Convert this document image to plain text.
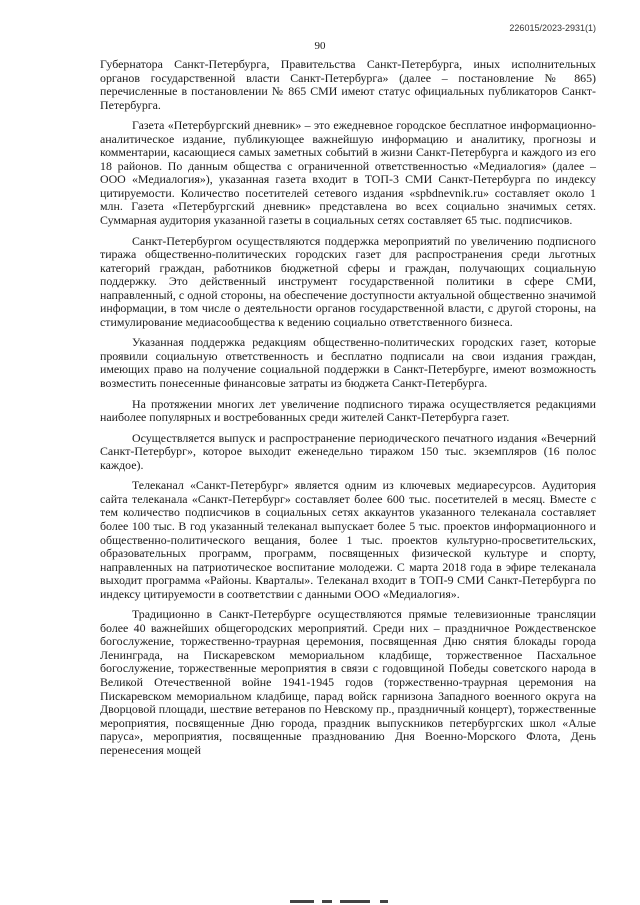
226015/2023-2931(1)
90

Губернатора Санкт-Петербурга, Правительства Санкт-Петербурга, иных исполнительных органов государственной власти Санкт-Петербурга» (далее – постановление № 865) перечисленные в постановлении № 865 СМИ имеют статус официальных публикаторов Санкт-Петербурга.

Газета «Петербургский дневник» – это ежедневное городское бесплатное информационно-аналитическое издание, публикующее важнейшую информацию и аналитику, прогнозы и комментарии, касающиеся самых заметных событий в жизни Санкт-Петербурга и каждого из его 18 районов. По данным общества с ограниченной ответственностью «Медиалогия» (далее – ООО «Медиалогия»), указанная газета входит в ТОП-3 СМИ Санкт-Петербурга по индексу цитируемости. Количество посетителей сетевого издания «spbdnevnik.ru» составляет около 1 млн. Газета «Петербургский дневник» представлена во всех социально значимых сетях. Суммарная аудитория указанной газеты в социальных сетях составляет 65 тыс. подписчиков.

Санкт-Петербургом осуществляются поддержка мероприятий по увеличению подписного тиража общественно-политических городских газет для распространения среди льготных категорий граждан, работников бюджетной сферы и граждан, получающих социальную поддержку. Это действенный инструмент государственной политики в сфере СМИ, направленный, с одной стороны, на обеспечение доступности актуальной общественно значимой информации, в том числе о деятельности органов государственной власти, с другой стороны, на стимулирование медиасообщества к ведению социально ответственного бизнеса.

Указанная поддержка редакциям общественно-политических городских газет, которые проявили социальную ответственность и бесплатно подписали на свои издания граждан, имеющих право на получение социальной поддержки в Санкт-Петербурге, имеют возможность возместить понесенные финансовые затраты из бюджета Санкт-Петербурга.

На протяжении многих лет увеличение подписного тиража осуществляется редакциями наиболее популярных и востребованных среди жителей Санкт-Петербурга газет.

Осуществляется выпуск и распространение периодического печатного издания «Вечерний Санкт-Петербург», которое выходит еженедельно тиражом 150 тыс. экземпляров (16 полос каждое).

Телеканал «Санкт-Петербург» является одним из ключевых медиаресурсов. Аудитория сайта телеканала «Санкт-Петербург» составляет более 600 тыс. посетителей в месяц. Вместе с тем количество подписчиков в социальных сетях аккаунтов указанного телеканала составляет более 100 тыс. В год указанный телеканал выпускает более 5 тыс. проектов информационного и общественно-политического вещания, более 1 тыс. проектов культурно-просветительских, образовательных программ, программ, посвященных физической культуре и спорту, направленных на патриотическое воспитание молодежи. С марта 2018 года в эфире телеканала выходит программа «Районы. Кварталы». Телеканал входит в ТОП-9 СМИ Санкт-Петербурга по индексу цитируемости в соответствии с данными ООО «Медиалогия».

Традиционно в Санкт-Петербурге осуществляются прямые телевизионные трансляции более 40 важнейших общегородских мероприятий. Среди них – праздничное Рождественское богослужение, торжественно-траурная церемония, посвященная Дню снятия блокады города Ленинграда, на Пискаревском мемориальном кладбище, торжественное Пасхальное богослужение, торжественные мероприятия в связи с годовщиной Победы советского народа в Великой Отечественной войне 1941-1945 годов (торжественно-траурная церемония на Пискаревском мемориальном кладбище, парад войск гарнизона Западного военного округа на Дворцовой площади, шествие ветеранов по Невскому пр., праздничный концерт), торжественные мероприятия, посвященные Дню города, праздник выпускников петербургских школ «Алые паруса», мероприятия, посвященные празднованию Дня Военно-Морского Флота, День перенесения мощей
